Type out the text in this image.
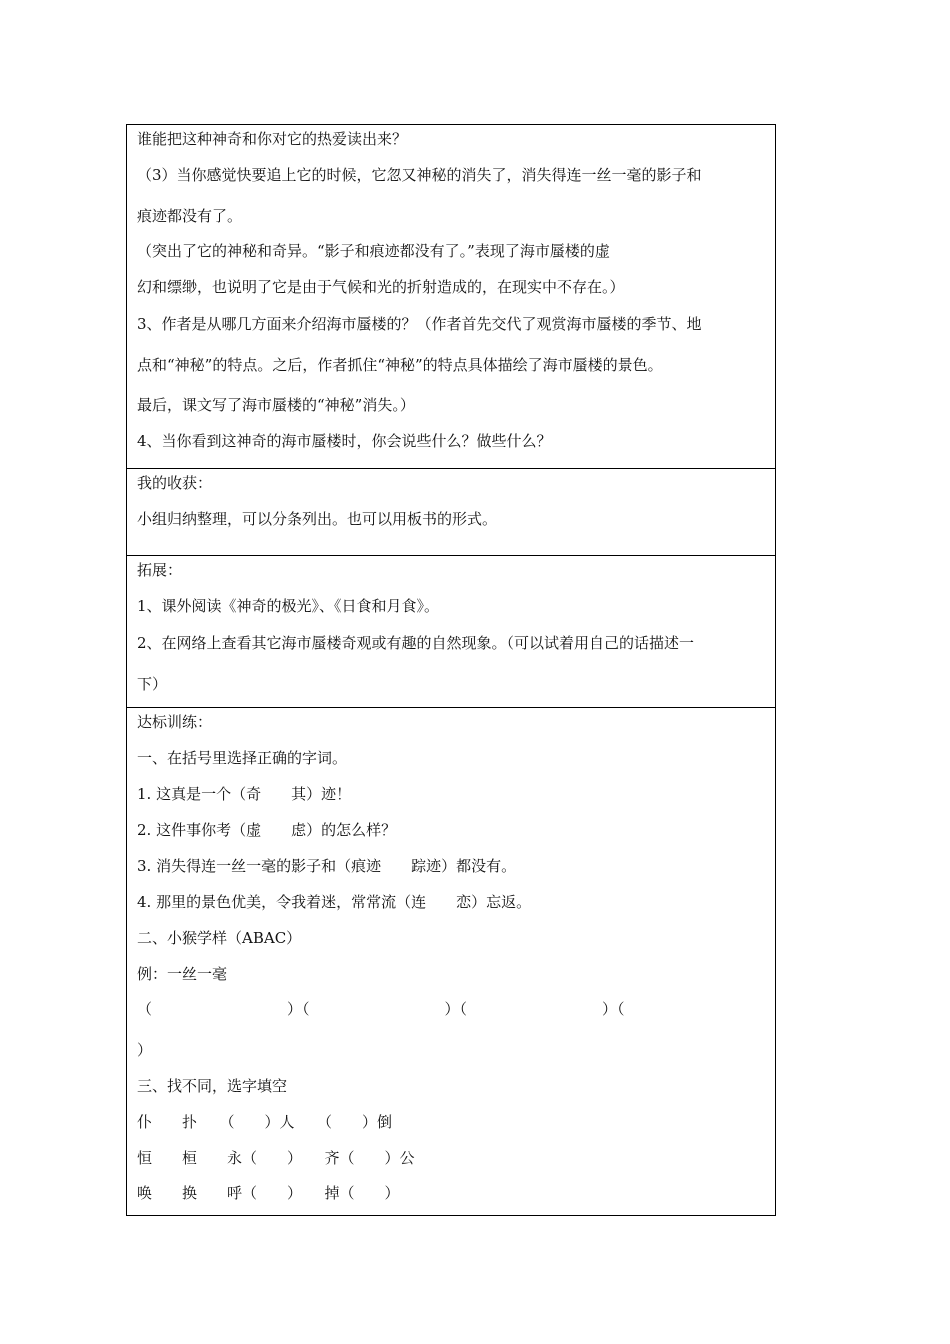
谁能把这种神奇和你对它的热爱读出来？
（3）当你感觉快要追上它的时候，它忽又神秘的消失了，消失得连一丝一毫的影子和
痕迹都没有了。
（突出了它的神秘和奇异。“影子和痕迹都没有了。”表现了海市蜃楼的虚
幻和缥缈，也说明了它是由于气候和光的折射造成的，在现实中不存在。）
3、作者是从哪几方面来介绍海市蜃楼的？（作者首先交代了观赏海市蜃楼的季节、地
点和“神秘”的特点。之后，作者抓住“神秘”的特点具体描绘了海市蜃楼的景色。
最后，课文写了海市蜃楼的“神秘”消失。）
4、当你看到这神奇的海市蜃楼时，你会说些什么？做些什么？
我的收获：
小组归纳整理，可以分条列出。也可以用板书的形式。
拓展：
1、课外阅读《神奇的极光》、《日食和月食》。
2、在网络上查看其它海市蜃楼奇观或有趣的自然现象。（可以试着用自己的话描述一
下）
达标训练：
一、在括号里选择正确的字词。
1. 这真是一个（奇　　其）迹！
2. 这件事你考（虚　　虑）的怎么样？
3. 消失得连一丝一毫的影子和（痕迹　　踪迹）都没有。
4. 那里的景色优美，令我着迷，常常流（连　　恋）忘返。
二、小猴学样（ABAC）
例：一丝一毫
（　　　　　　　　　）（　　　　　　　　　）（　　　　　　　　　）（
）
三、找不同，选字填空
仆　　扑　　（　　）人　　（　　）倒
恒　　桓　　永（　　）　　齐（　　）公
唤　　换　　呼（　　）　　掉（　　）
